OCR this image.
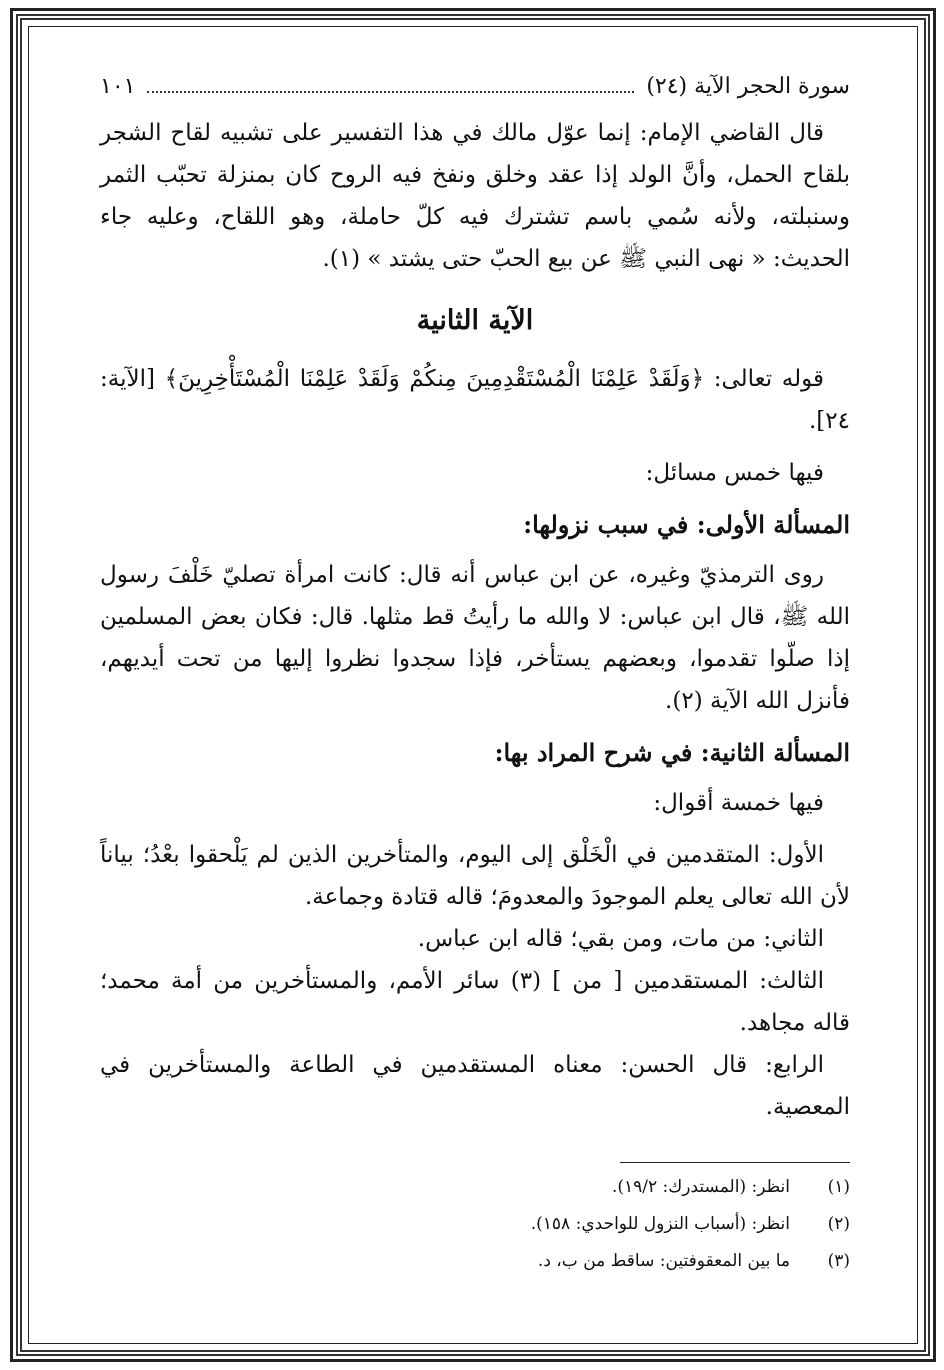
سورة الحجر الآية (٢٤)
١٠١

قال القاضي الإمام: إنما عوّل مالك في هذا التفسير على تشبيه لقاح الشجر بلقاح الحمل، وأنَّ الولد إذا عقد وخلق ونفخ فيه الروح كان بمنزلة تحبّب الثمر وسنبلته، ولأنه سُمي باسم تشترك فيه كلّ حاملة، وهو اللقاح، وعليه جاء الحديث: « نهى النبي ﷺ عن بيع الحبّ حتى يشتد » (١).

الآية الثانية

قوله تعالى: ﴿وَلَقَدْ عَلِمْنَا الْمُسْتَقْدِمِينَ مِنكُمْ وَلَقَدْ عَلِمْنَا الْمُسْتَأْخِرِينَ﴾ [الآية: ٢٤].

فيها خمس مسائل:

المسألة الأولى: في سبب نزولها:

روى الترمذيّ وغيره، عن ابن عباس أنه قال: كانت امرأة تصليّ خَلْفَ رسول الله ﷺ، قال ابن عباس: لا والله ما رأيتُ قط مثلها. قال: فكان بعض المسلمين إذا صلّوا تقدموا، وبعضهم يستأخر، فإذا سجدوا نظروا إليها من تحت أيديهم، فأنزل الله الآية (٢).

المسألة الثانية: في شرح المراد بها:

فيها خمسة أقوال:

الأول: المتقدمين في الْخَلْق إلى اليوم، والمتأخرين الذين لم يَلْحقوا بعْدُ؛ بياناً لأن الله تعالى يعلم الموجودَ والمعدومَ؛ قاله قتادة وجماعة.

الثاني: من مات، ومن بقي؛ قاله ابن عباس.

الثالث: المستقدمين [ من ] (٣) سائر الأمم، والمستأخرين من أمة محمد؛ قاله مجاهد.

الرابع: قال الحسن: معناه المستقدمين في الطاعة والمستأخرين في المعصية.

(١)
انظر: (المستدرك: ١٩/٢).
(٢)
انظر: (أسباب النزول للواحدي: ١٥٨).
(٣)
ما بين المعقوفتين: ساقط من ب، د.
